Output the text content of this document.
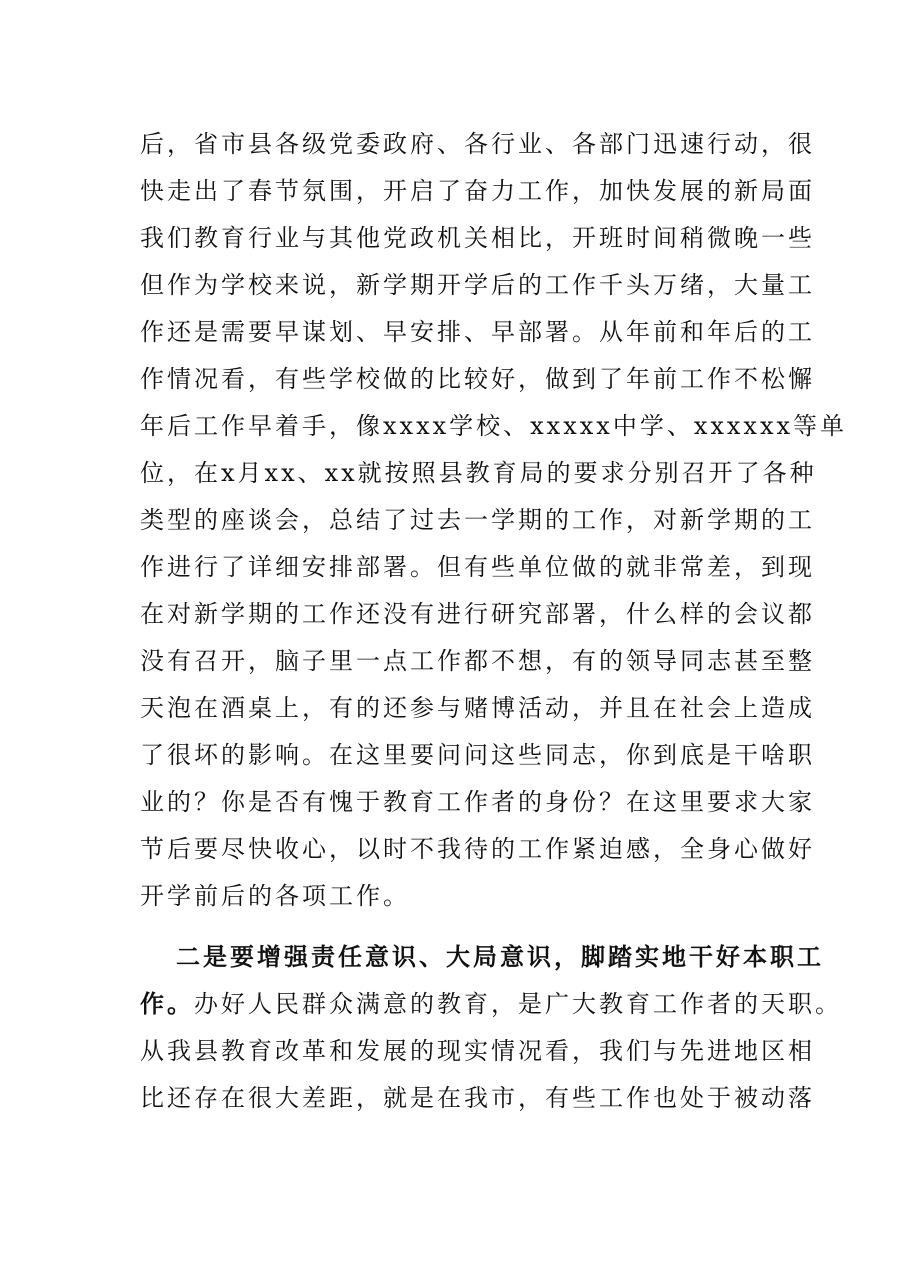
后，省市县各级党委政府、各行业、各部门迅速行动，很
快走出了春节氛围，开启了奋力工作，加快发展的新局面
我们教育行业与其他党政机关相比，开班时间稍微晚一些
但作为学校来说，新学期开学后的工作千头万绪，大量工
作还是需要早谋划、早安排、早部署。从年前和年后的工
作情况看，有些学校做的比较好，做到了年前工作不松懈
年后工作早着手，像xxxx学校、xxxxx中学、xxxxxx等单
位，在x月xx、xx就按照县教育局的要求分别召开了各种
类型的座谈会，总结了过去一学期的工作，对新学期的工
作进行了详细安排部署。但有些单位做的就非常差，到现
在对新学期的工作还没有进行研究部署，什么样的会议都
没有召开，脑子里一点工作都不想，有的领导同志甚至整
天泡在酒桌上，有的还参与赌博活动，并且在社会上造成
了很坏的影响。在这里要问问这些同志，你到底是干啥职
业的？你是否有愧于教育工作者的身份？在这里要求大家
节后要尽快收心，以时不我待的工作紧迫感，全身心做好
开学前后的各项工作。
二是要增强责任意识、大局意识，脚踏实地干好本职工
作。办好人民群众满意的教育，是广大教育工作者的天职。
从我县教育改革和发展的现实情况看，我们与先进地区相
比还存在很大差距，就是在我市，有些工作也处于被动落
